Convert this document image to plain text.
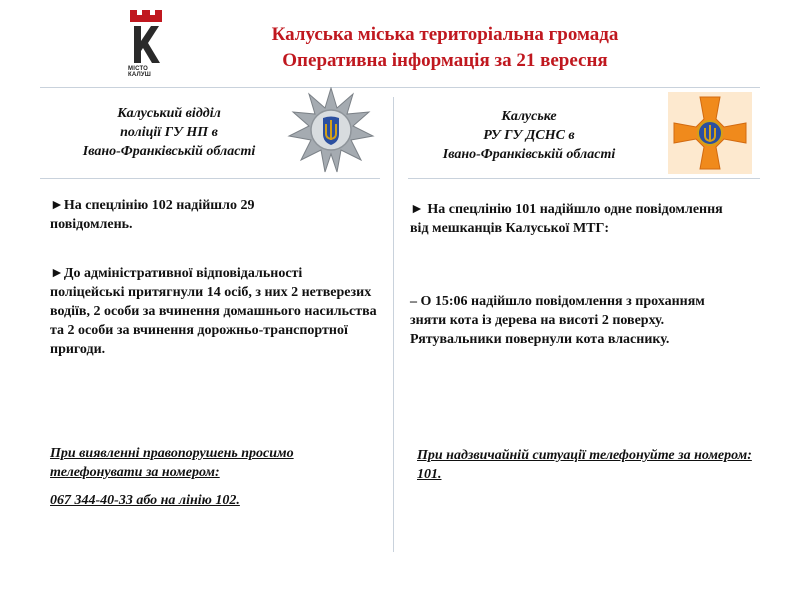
МІСТО
КАЛУШ
Калуська міська територіальна громада
Оперативна інформація за 21 вересня
Калуський відділ
поліції ГУ НП в
Івано-Франківській області
Калуське
РУ ГУ ДСНС в
Івано-Франківській області

►На спецлінію 102 надійшло 29 повідомлень.

►До адміністративної відповідальності поліцейські притягнули 14 осіб, з них 2 нетверезих водіїв, 2 особи за вчинення домашнього насильства та 2 особи за вчинення дорожньо-транспортної пригоди.

При виявленні правопорушень просимо телефонувати за номером:

067 344-40-33 або на лінію 102.

► На спецлінію 101 надійшло одне повідомлення від мешканців Калуської МТГ:

– О 15:06 надійшло повідомлення з проханням зняти кота із дерева на висоті 2 поверху. Рятувальники повернули кота власнику.

При надзвичайній ситуації телефонуйте за номером: 101.
